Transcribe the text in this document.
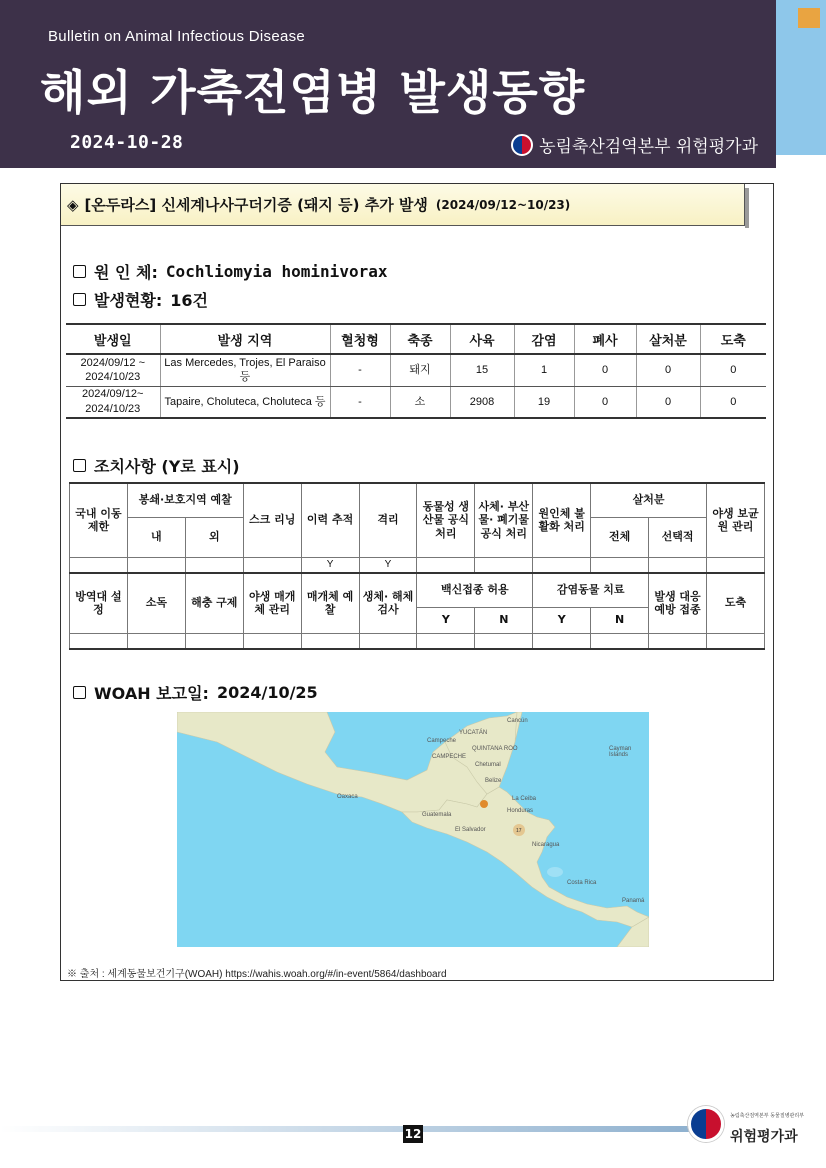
Bulletin on Animal Infectious Disease
해외 가축전염병 발생동향
2024-10-28	농림축산검역본부 위험평가과
◈ [온두라스] 신세계나사구더기증 (돼지 등) 추가 발생 (2024/09/12~10/23)
원 인 체: Cochliomyia hominivorax
발생현황: 16건
발생일	발생 지역	혈청형	축종	사육	감염	폐사	살처분	도축
2024/09/12 ~ 2024/10/23	Las Mercedes, Trojes, El Paraiso 등	-	돼지	15	1	0	0	0
2024/09/12~ 2024/10/23	Tapaire, Choluteca, Choluteca 등	-	소	2908	19	0	0	0
조치사항 (Y로 표시)
국내 이동 제한	봉쇄·보호지역 예찰		스크 리닝	이력 추적	격리	동물성 생산물 공식 처리	사체· 부산물· 폐기물 공식 처리	원인체 불활화 처리	살처분		야생 보균원 관리
	내	외							전체	선택적	
				Y	Y						
방역대 설정	소독	해충 구제	야생 매개체 관리	매개체 예찰	생체· 해체 검사	백신접종 허용		감염동물 치료		발생 대응 예방 접종	도축
						Y	N	Y	N		

WOAH 보고일: 2024/10/25
Cancún
Campeche
Chetumal
Belize
Guatemala
Honduras
El Salvador
Nicaragua
Costa Rica
Panamá
Cayman Islands
YUCATÁN
QUINTANA ROO
CAMPECHE
Oaxaca	La Ceiba
17
※ 출처 : 세계동물보건기구(WOAH) https://wahis.woah.org/#/in-event/5864/dashboard
12
농림축산검역본부 동물질병관리부
위험평가과
